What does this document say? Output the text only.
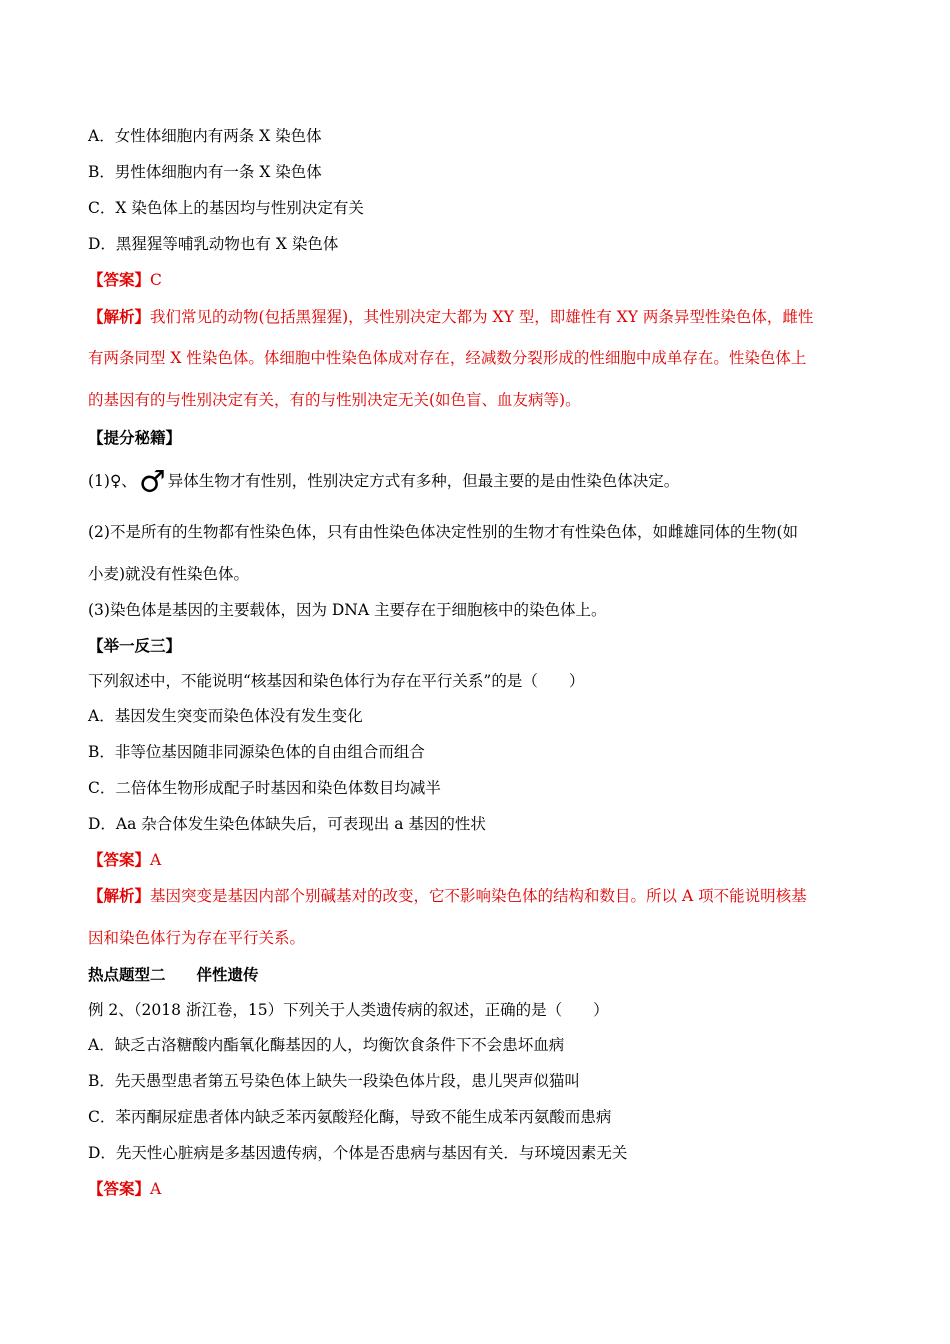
A．女性体细胞内有两条 X 染色体
B．男性体细胞内有一条 X 染色体
C．X 染色体上的基因均与性别决定有关
D．黑猩猩等哺乳动物也有 X 染色体
【答案】C
【解析】我们常见的动物(包括黑猩猩)，其性别决定大都为 XY 型，即雄性有 XY 两条异型性染色体，雌性
有两条同型 X 性染色体。体细胞中性染色体成对存在，经减数分裂形成的性细胞中成单存在。性染色体上
的基因有的与性别决定有关，有的与性别决定无关(如色盲、血友病等)。
【提分秘籍】
(1)♀、♂ 异体生物才有性别，性别决定方式有多种，但最主要的是由性染色体决定。
(2)不是所有的生物都有性染色体，只有由性染色体决定性别的生物才有性染色体，如雌雄同体的生物(如
小麦)就没有性染色体。
(3)染色体是基因的主要载体，因为 DNA 主要存在于细胞核中的染色体上。
【举一反三】
下列叙述中，不能说明“核基因和染色体行为存在平行关系”的是（　　）
A．基因发生突变而染色体没有发生变化
B．非等位基因随非同源染色体的自由组合而组合
C．二倍体生物形成配子时基因和染色体数目均减半
D．Aa 杂合体发生染色体缺失后，可表现出 a 基因的性状
【答案】A
【解析】基因突变是基因内部个别碱基对的改变，它不影响染色体的结构和数目。所以 A 项不能说明核基
因和染色体行为存在平行关系。
热点题型二　　伴性遗传
例 2、（2018 浙江卷，15）下列关于人类遗传病的叙述，正确的是（　　）
A．缺乏古洛糖酸内酯氧化酶基因的人，均衡饮食条件下不会患坏血病
B．先天愚型患者第五号染色体上缺失一段染色体片段，患儿哭声似猫叫
C．苯丙酮尿症患者体内缺乏苯丙氨酸羟化酶，导致不能生成苯丙氨酸而患病
D．先天性心脏病是多基因遗传病，个体是否患病与基因有关．与环境因素无关
【答案】A
